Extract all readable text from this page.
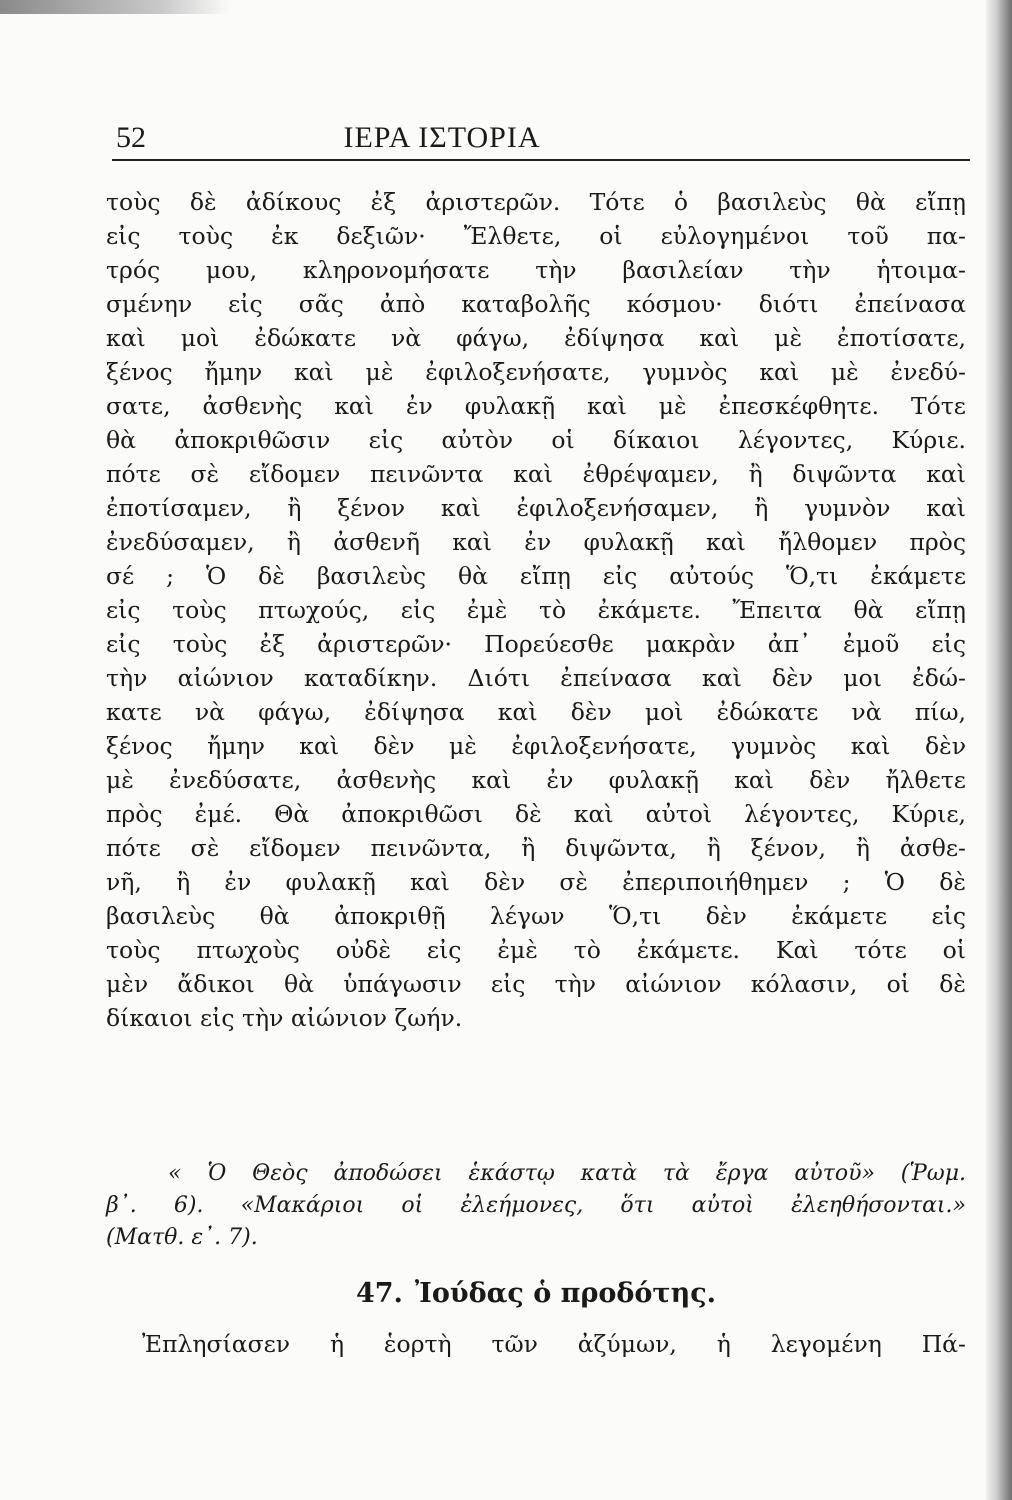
52	ΙΕΡΑ ΙΣΤΟΡΙΑ
τοὺς δὲ ἀδίκους ἐξ ἀριστερῶν. Τότε ὁ βασιλεὺς θὰ εἴπῃ
εἰς τοὺς ἐκ δεξιῶν· Ἔλθετε, οἱ εὐλογημένοι τοῦ πα-
τρός μου, κληρονομήσατε τὴν βασιλείαν τὴν ἡτοιμα-
σμένην εἰς σᾶς ἀπὸ καταβολῆς κόσμου· διότι ἐπείνασα
καὶ μοὶ ἐδώκατε νὰ φάγω, ἐδίψησα καὶ μὲ ἐποτίσατε,
ξένος ἤμην καὶ μὲ ἐφιλοξενήσατε, γυμνὸς καὶ μὲ ἐνεδύ-
σατε, ἀσθενὴς καὶ ἐν φυλακῇ καὶ μὲ ἐπεσκέφθητε. Τότε
θὰ ἀποκριθῶσιν εἰς αὐτὸν οἱ δίκαιοι λέγοντες, Κύριε.
πότε σὲ εἴδομεν πεινῶντα καὶ ἐθρέψαμεν, ἢ διψῶντα καὶ
ἐποτίσαμεν, ἢ ξένον καὶ ἐφιλοξενήσαμεν, ἢ γυμνὸν καὶ
ἐνεδύσαμεν, ἢ ἀσθενῆ καὶ ἐν φυλακῇ καὶ ἤλθομεν πρὸς
σέ ; Ὁ δὲ βασιλεὺς θὰ εἴπῃ εἰς αὐτούς Ὅ,τι ἐκάμετε
εἰς τοὺς πτωχούς, εἰς ἐμὲ τὸ ἐκάμετε. Ἔπειτα θὰ εἴπῃ
εἰς τοὺς ἐξ ἀριστερῶν· Πορεύεσθε μακρὰν ἀπ᾽ ἐμοῦ εἰς
τὴν αἰώνιον καταδίκην. Διότι ἐπείνασα καὶ δὲν μοι ἐδώ-
κατε νὰ φάγω, ἐδίψησα καὶ δὲν μοὶ ἐδώκατε νὰ πίω,
ξένος ἤμην καὶ δὲν μὲ ἐφιλοξενήσατε, γυμνὸς καὶ δὲν
μὲ ἐνεδύσατε, ἀσθενὴς καὶ ἐν φυλακῇ καὶ δὲν ἤλθετε
πρὸς ἐμέ. Θὰ ἀποκριθῶσι δὲ καὶ αὐτοὶ λέγοντες, Κύριε,
πότε σὲ εἴδομεν πεινῶντα, ἢ διψῶντα, ἢ ξένον, ἢ ἀσθε-
νῆ, ἢ ἐν φυλακῇ καὶ δὲν σὲ ἐπεριποιήθημεν ; Ὁ δὲ
βασιλεὺς θὰ ἀποκριθῇ λέγων Ὅ,τι δὲν ἐκάμετε εἰς
τοὺς πτωχοὺς οὐδὲ εἰς ἐμὲ τὸ ἐκάμετε. Καὶ τότε οἱ
μὲν ἄδικοι θὰ ὑπάγωσιν εἰς τὴν αἰώνιον κόλασιν, οἱ δὲ
δίκαιοι εἰς τὴν αἰώνιον ζωήν.
« Ὁ Θεὸς ἀποδώσει ἑκάστῳ κατὰ τὰ ἔργα αὐτοῦ» (Ῥωμ.
β᾽. 6). «Μακάριοι οἱ ἐλεήμονες, ὅτι αὐτοὶ ἐλεηθήσονται.»
(Ματθ. ε᾽. 7).
47. Ἰούδας ὁ προδότης.
Ἐπλησίασεν ἡ ἑορτὴ τῶν ἀζύμων, ἡ λεγομένη Πά-
